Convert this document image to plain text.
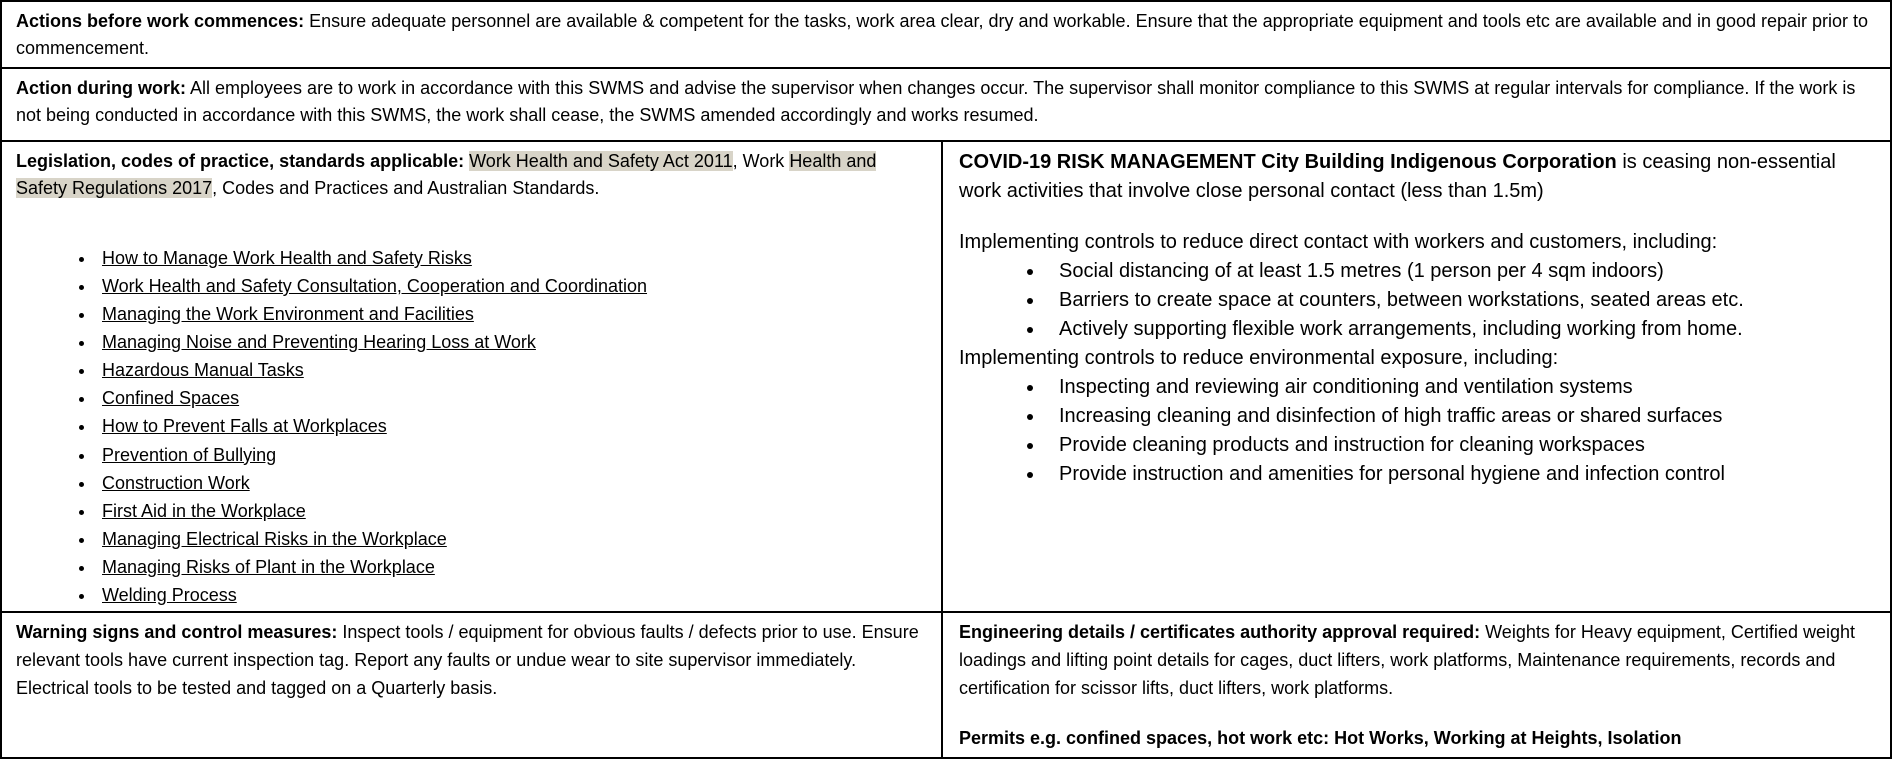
Actions before work commences: Ensure adequate personnel are available & competent for the tasks, work area clear, dry and workable. Ensure that the appropriate equipment and tools etc are available and in good repair prior to commencement.

Action during work: All employees are to work in accordance with this SWMS and advise the supervisor when changes occur. The supervisor shall monitor compliance to this SWMS at regular intervals for compliance. If the work is not being conducted in accordance with this SWMS, the work shall cease, the SWMS amended accordingly and works resumed.

Legislation, codes of practice, standards applicable: Work Health and Safety Act 2011, Work Health and Safety Regulations 2017, Codes and Practices and Australian Standards.

• How to Manage Work Health and Safety Risks
• Work Health and Safety Consultation, Cooperation and Coordination
• Managing the Work Environment and Facilities
• Managing Noise and Preventing Hearing Loss at Work
• Hazardous Manual Tasks
• Confined Spaces
• How to Prevent Falls at Workplaces
• Prevention of Bullying
• Construction Work
• First Aid in the Workplace
• Managing Electrical Risks in the Workplace
• Managing Risks of Plant in the Workplace
• Welding Process

COVID-19 RISK MANAGEMENT City Building Indigenous Corporation is ceasing non-essential work activities that involve close personal contact (less than 1.5m)

Implementing controls to reduce direct contact with workers and customers, including:

• Social distancing of at least 1.5 metres (1 person per 4 sqm indoors)
• Barriers to create space at counters, between workstations, seated areas etc.
• Actively supporting flexible work arrangements, including working from home.

Implementing controls to reduce environmental exposure, including:

• Inspecting and reviewing air conditioning and ventilation systems
• Increasing cleaning and disinfection of high traffic areas or shared surfaces
• Provide cleaning products and instruction for cleaning workspaces
• Provide instruction and amenities for personal hygiene and infection control

Warning signs and control measures: Inspect tools / equipment for obvious faults / defects prior to use. Ensure relevant tools have current inspection tag. Report any faults or undue wear to site supervisor immediately. Electrical tools to be tested and tagged on a Quarterly basis.

Engineering details / certificates authority approval required: Weights for Heavy equipment, Certified weight loadings and lifting point details for cages, duct lifters, work platforms, Maintenance requirements, records and certification for scissor lifts, duct lifters, work platforms.

Permits e.g. confined spaces, hot work etc: Hot Works, Working at Heights, Isolation
